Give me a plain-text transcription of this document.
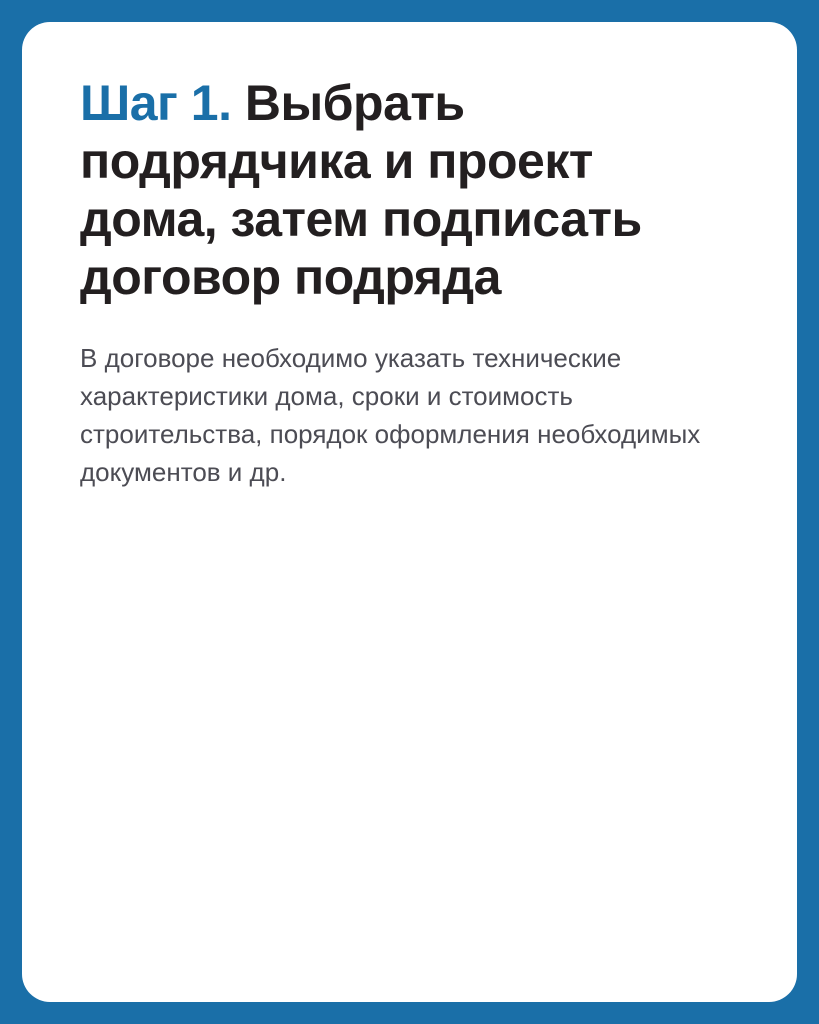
Шаг 1. Выбрать подрядчика и проект дома, затем подписать договор подряда

В договоре необходимо указать технические характеристики дома, сроки и стоимость строительства, порядок оформления необходимых документов и др.
